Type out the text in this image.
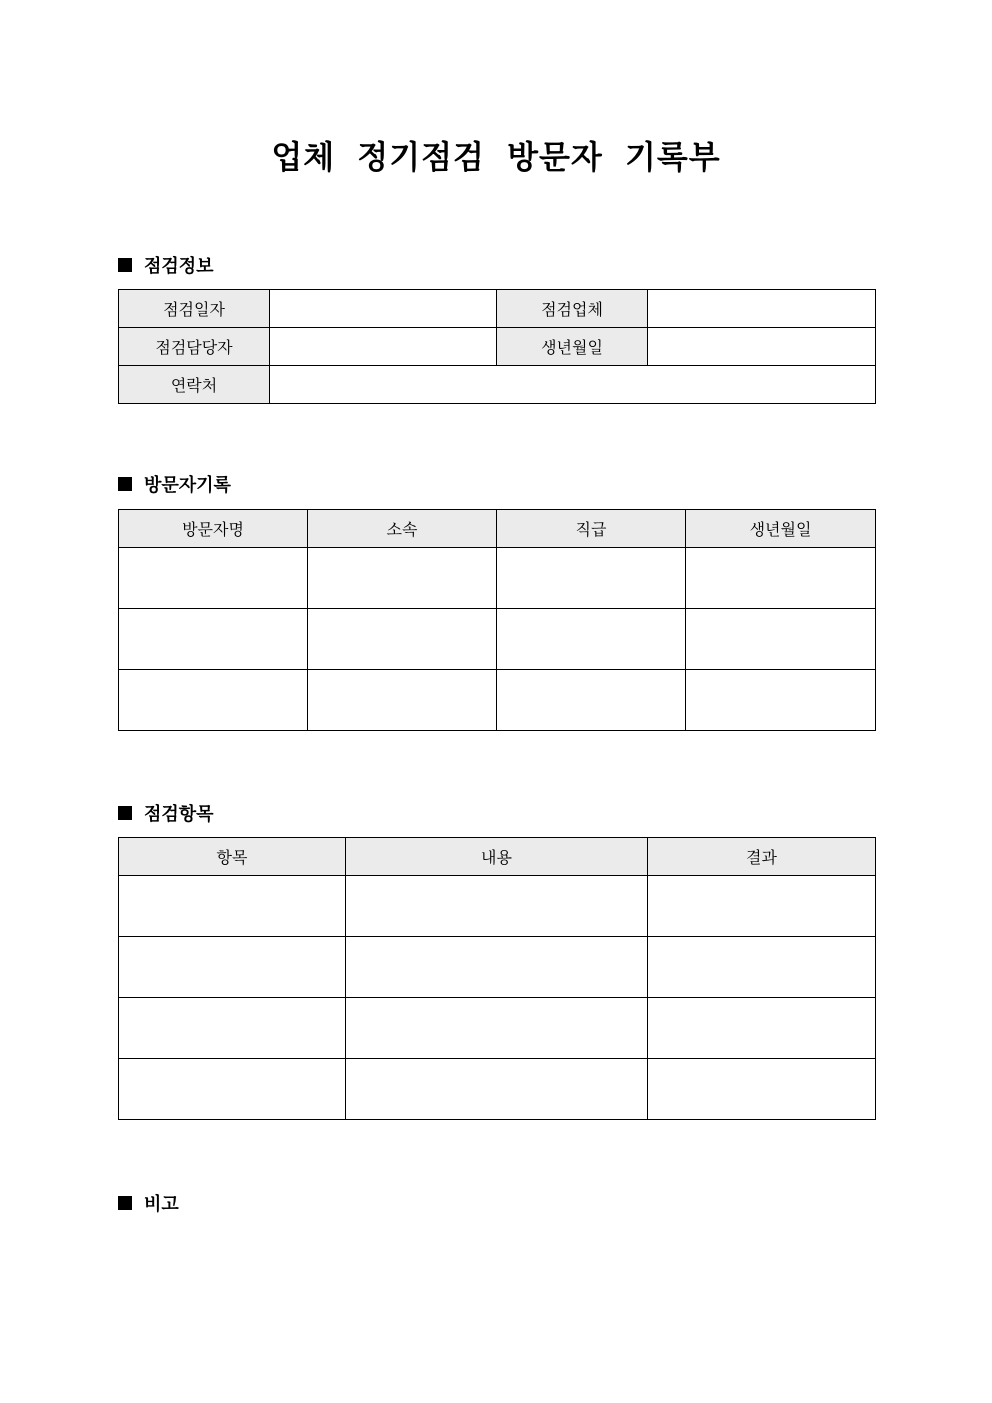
업체 정기점검 방문자 기록부
점검정보
점검일자		점검업체	
점검담당자		생년월일	
연락처			
방문자기록
방문자명	소속	직급	생년월일

점검항목
항목	내용	결과

비고
